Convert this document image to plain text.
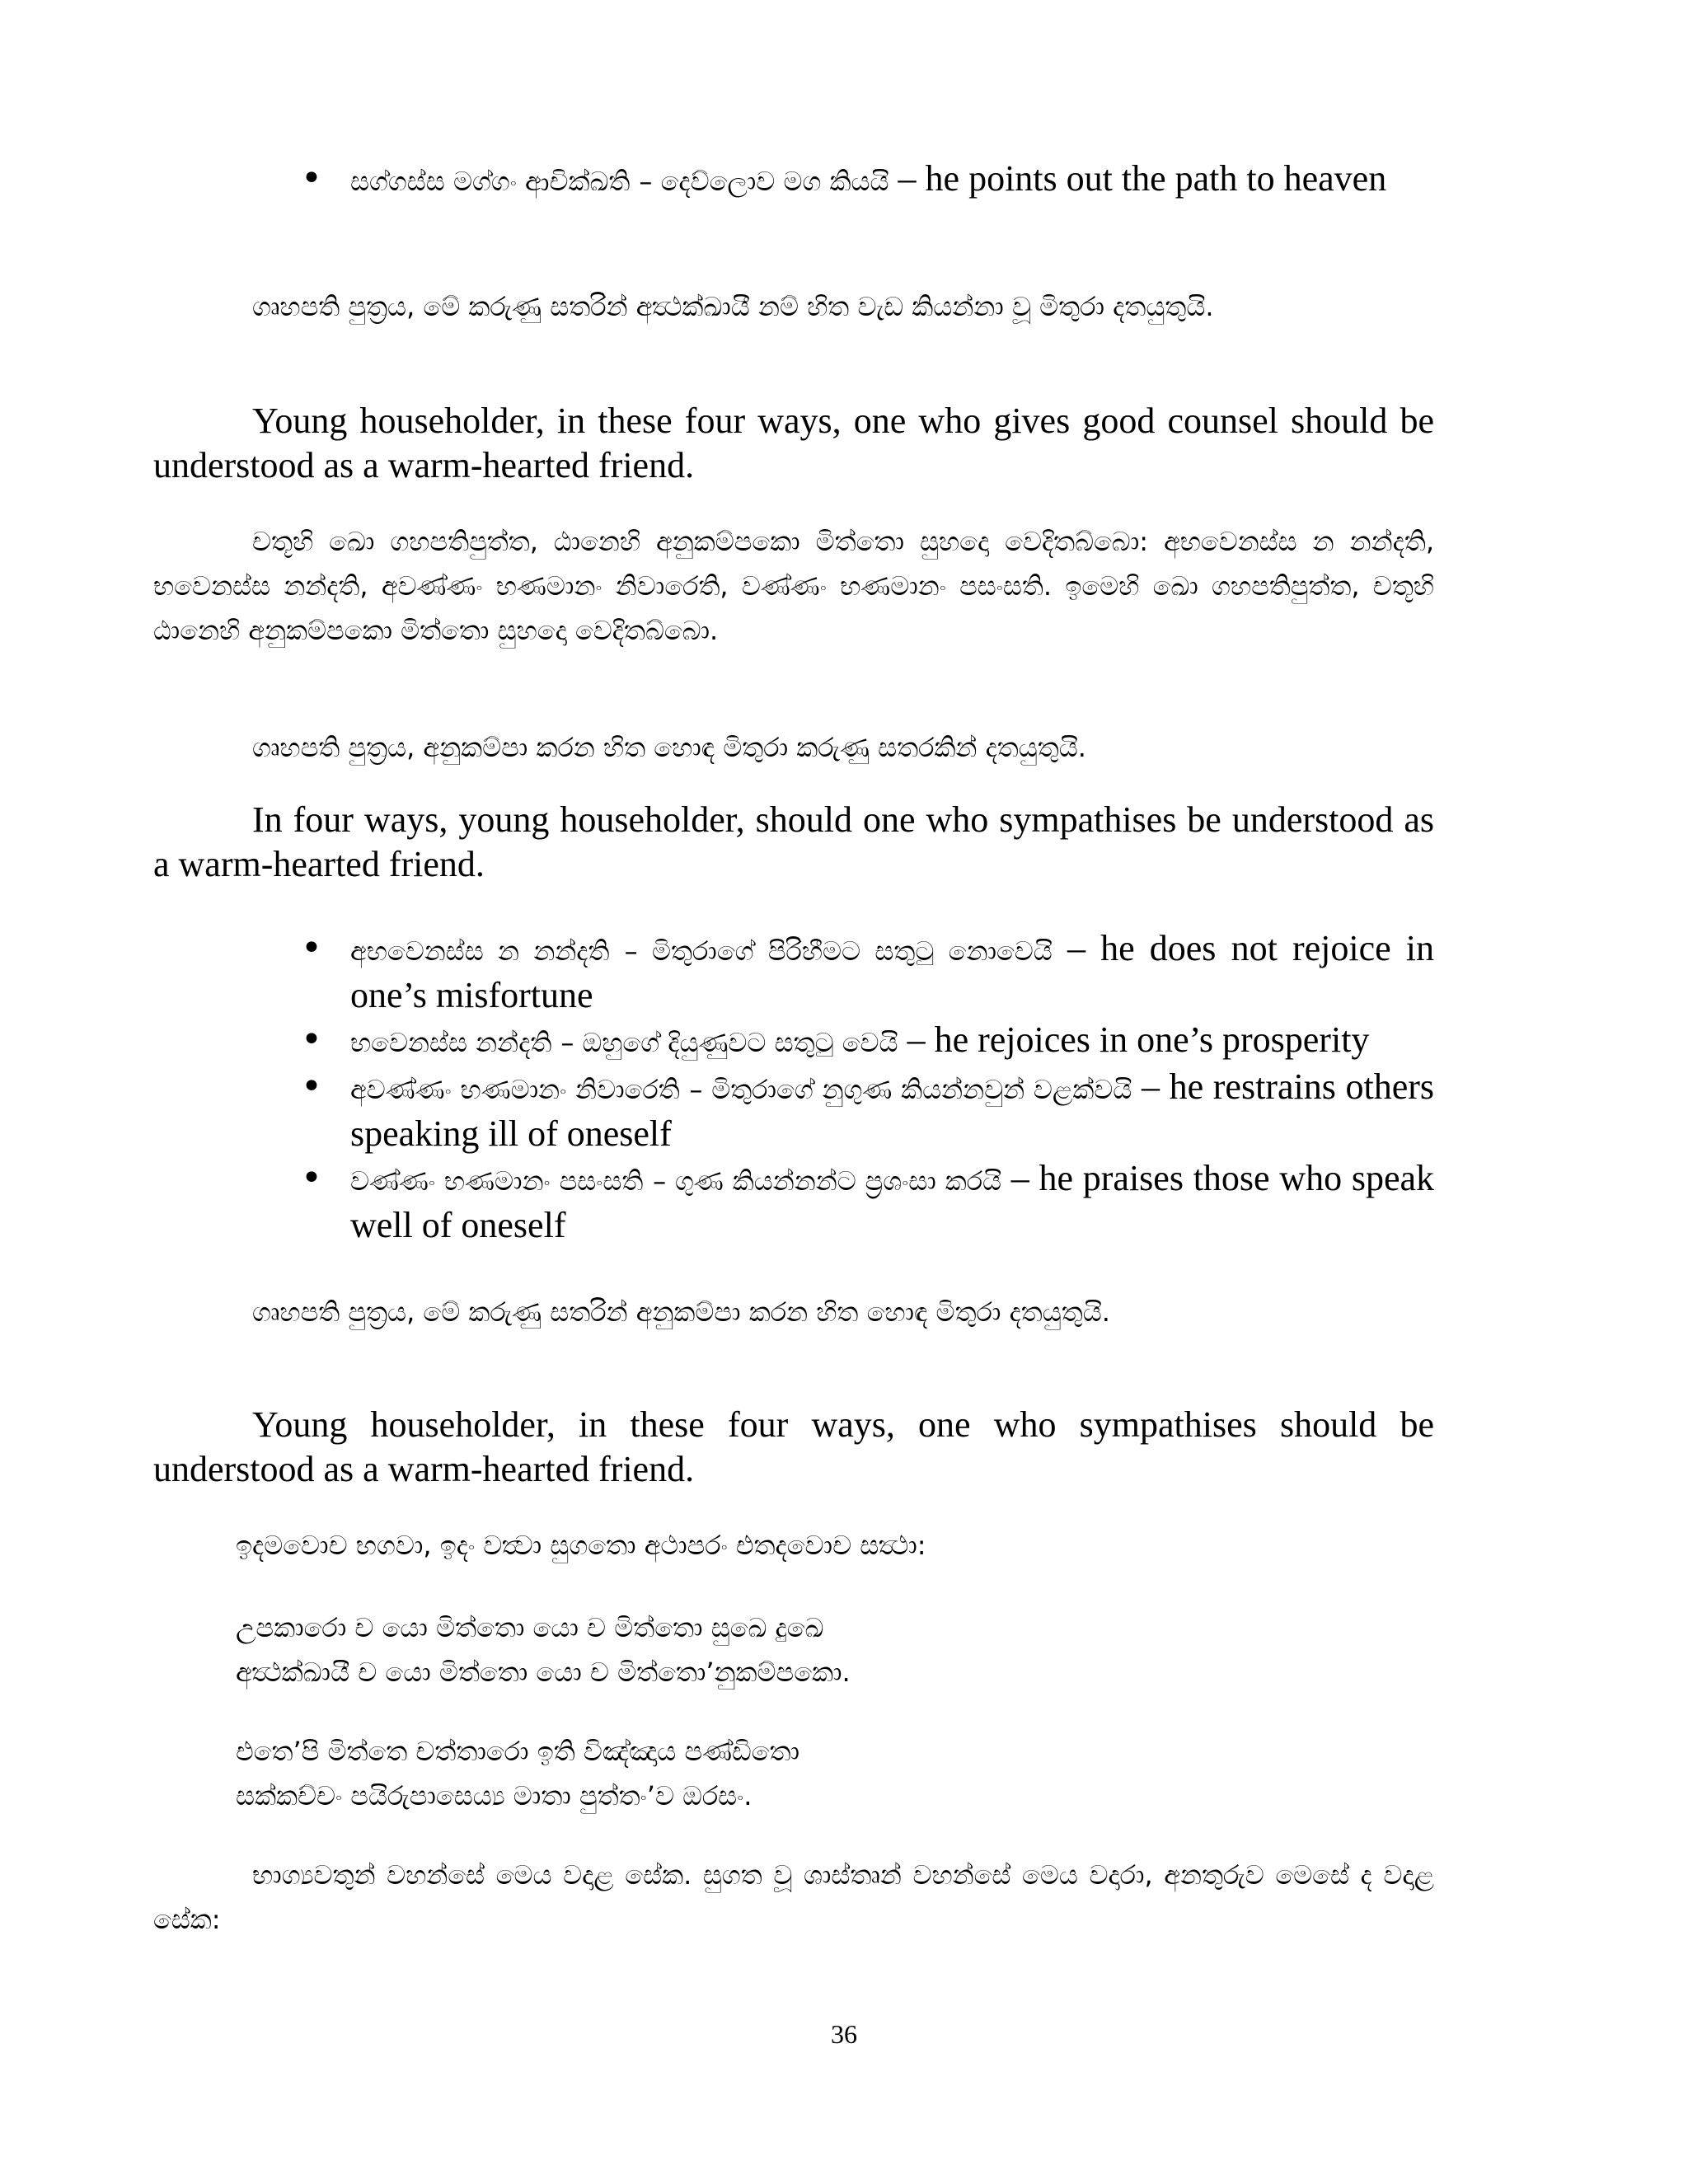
• සග්ගස්ස මග්ගං ආචික්ඛති – දෙව්ලොව මග කියයි – he points out the path to heaven

ගෘහපති පුත්‍රය, මේ කරුණු සතරින් අත්‍ථක්ඛායී නම් හිත වැඩ කියන්නා වූ මිතුරා දතයුතුයි.

Young householder, in these four ways, one who gives good counsel should be understood as a warm-hearted friend.

චතූහි ඛො ගහපතිපුත්ත, ඨානෙහි අනුකම්පකො මිත්තො සුහදො වෙදිතබ්බො: අභවෙනස්ස න නන්දති, භවෙනස්ස නන්දති, අවණ්ණං භණමානං නිවාරෙති, වණ්ණං භණමානං පසංසති. ඉමෙහි ඛො ගහපතිපුත්ත, චතූහි ඨානෙහි අනුකම්පකො මිත්තො සුහදො වෙදිතබ්බො.

ගෘහපති පුත්‍රය, අනුකම්පා කරන හිත හොඳ මිතුරා කරුණු සතරකින් දතයුතුයි.

In four ways, young householder, should one who sympathises be understood as a warm-hearted friend.

• අභවෙනස්ස න නන්දති – මිතුරාගේ පිරිහීමට සතුටු නොවෙයි – he does not rejoice in one’s misfortune
• භවෙනස්ස නන්දති – ඔහුගේ දියුණුවට සතුටු වෙයි – he rejoices in one’s prosperity
• අවණ්ණං භණමානං නිවාරෙති – මිතුරාගේ නුගුණ කියන්නවුන් වළක්වයි – he restrains others speaking ill of oneself
• වණ්ණං භණමානං පසංසති – ගුණ කියන්නන්ට ප්‍රශංසා කරයි – he praises those who speak well of oneself

ගෘහපති පුත්‍රය, මේ කරුණු සතරින් අනුකම්පා කරන හිත හොඳ මිතුරා දතයුතුයි.

Young householder, in these four ways, one who sympathises should be understood as a warm-hearted friend.

ඉදමවොච භගවා, ඉදං වත්‍වා සුගතො අථාපරං එතදවොච සත්‍ථා:

උපකාරො ච යො මිත්තො යො ච මිත්තො සුඛෙ දුඛෙ
අත්‍ථක්ඛායී ච යො මිත්තො යො ච මිත්තො’නුකම්පකො.
එතෙ’පි මිත්තෙ චත්තාරො ඉති විඤ්ඤාය පණ්ඩිතො
සක්කච්චං පයිරුපාසෙය්‍ය මාතා පුත්තං’ව ඔරසං.

භාග්‍යවතුන් වහන්සේ මෙය වදාළ සේක. සුගත වූ ශාස්තෘන් වහන්සේ මෙය වදාරා, අනතුරුව මෙසේ ද වදාළ සේක:

36
